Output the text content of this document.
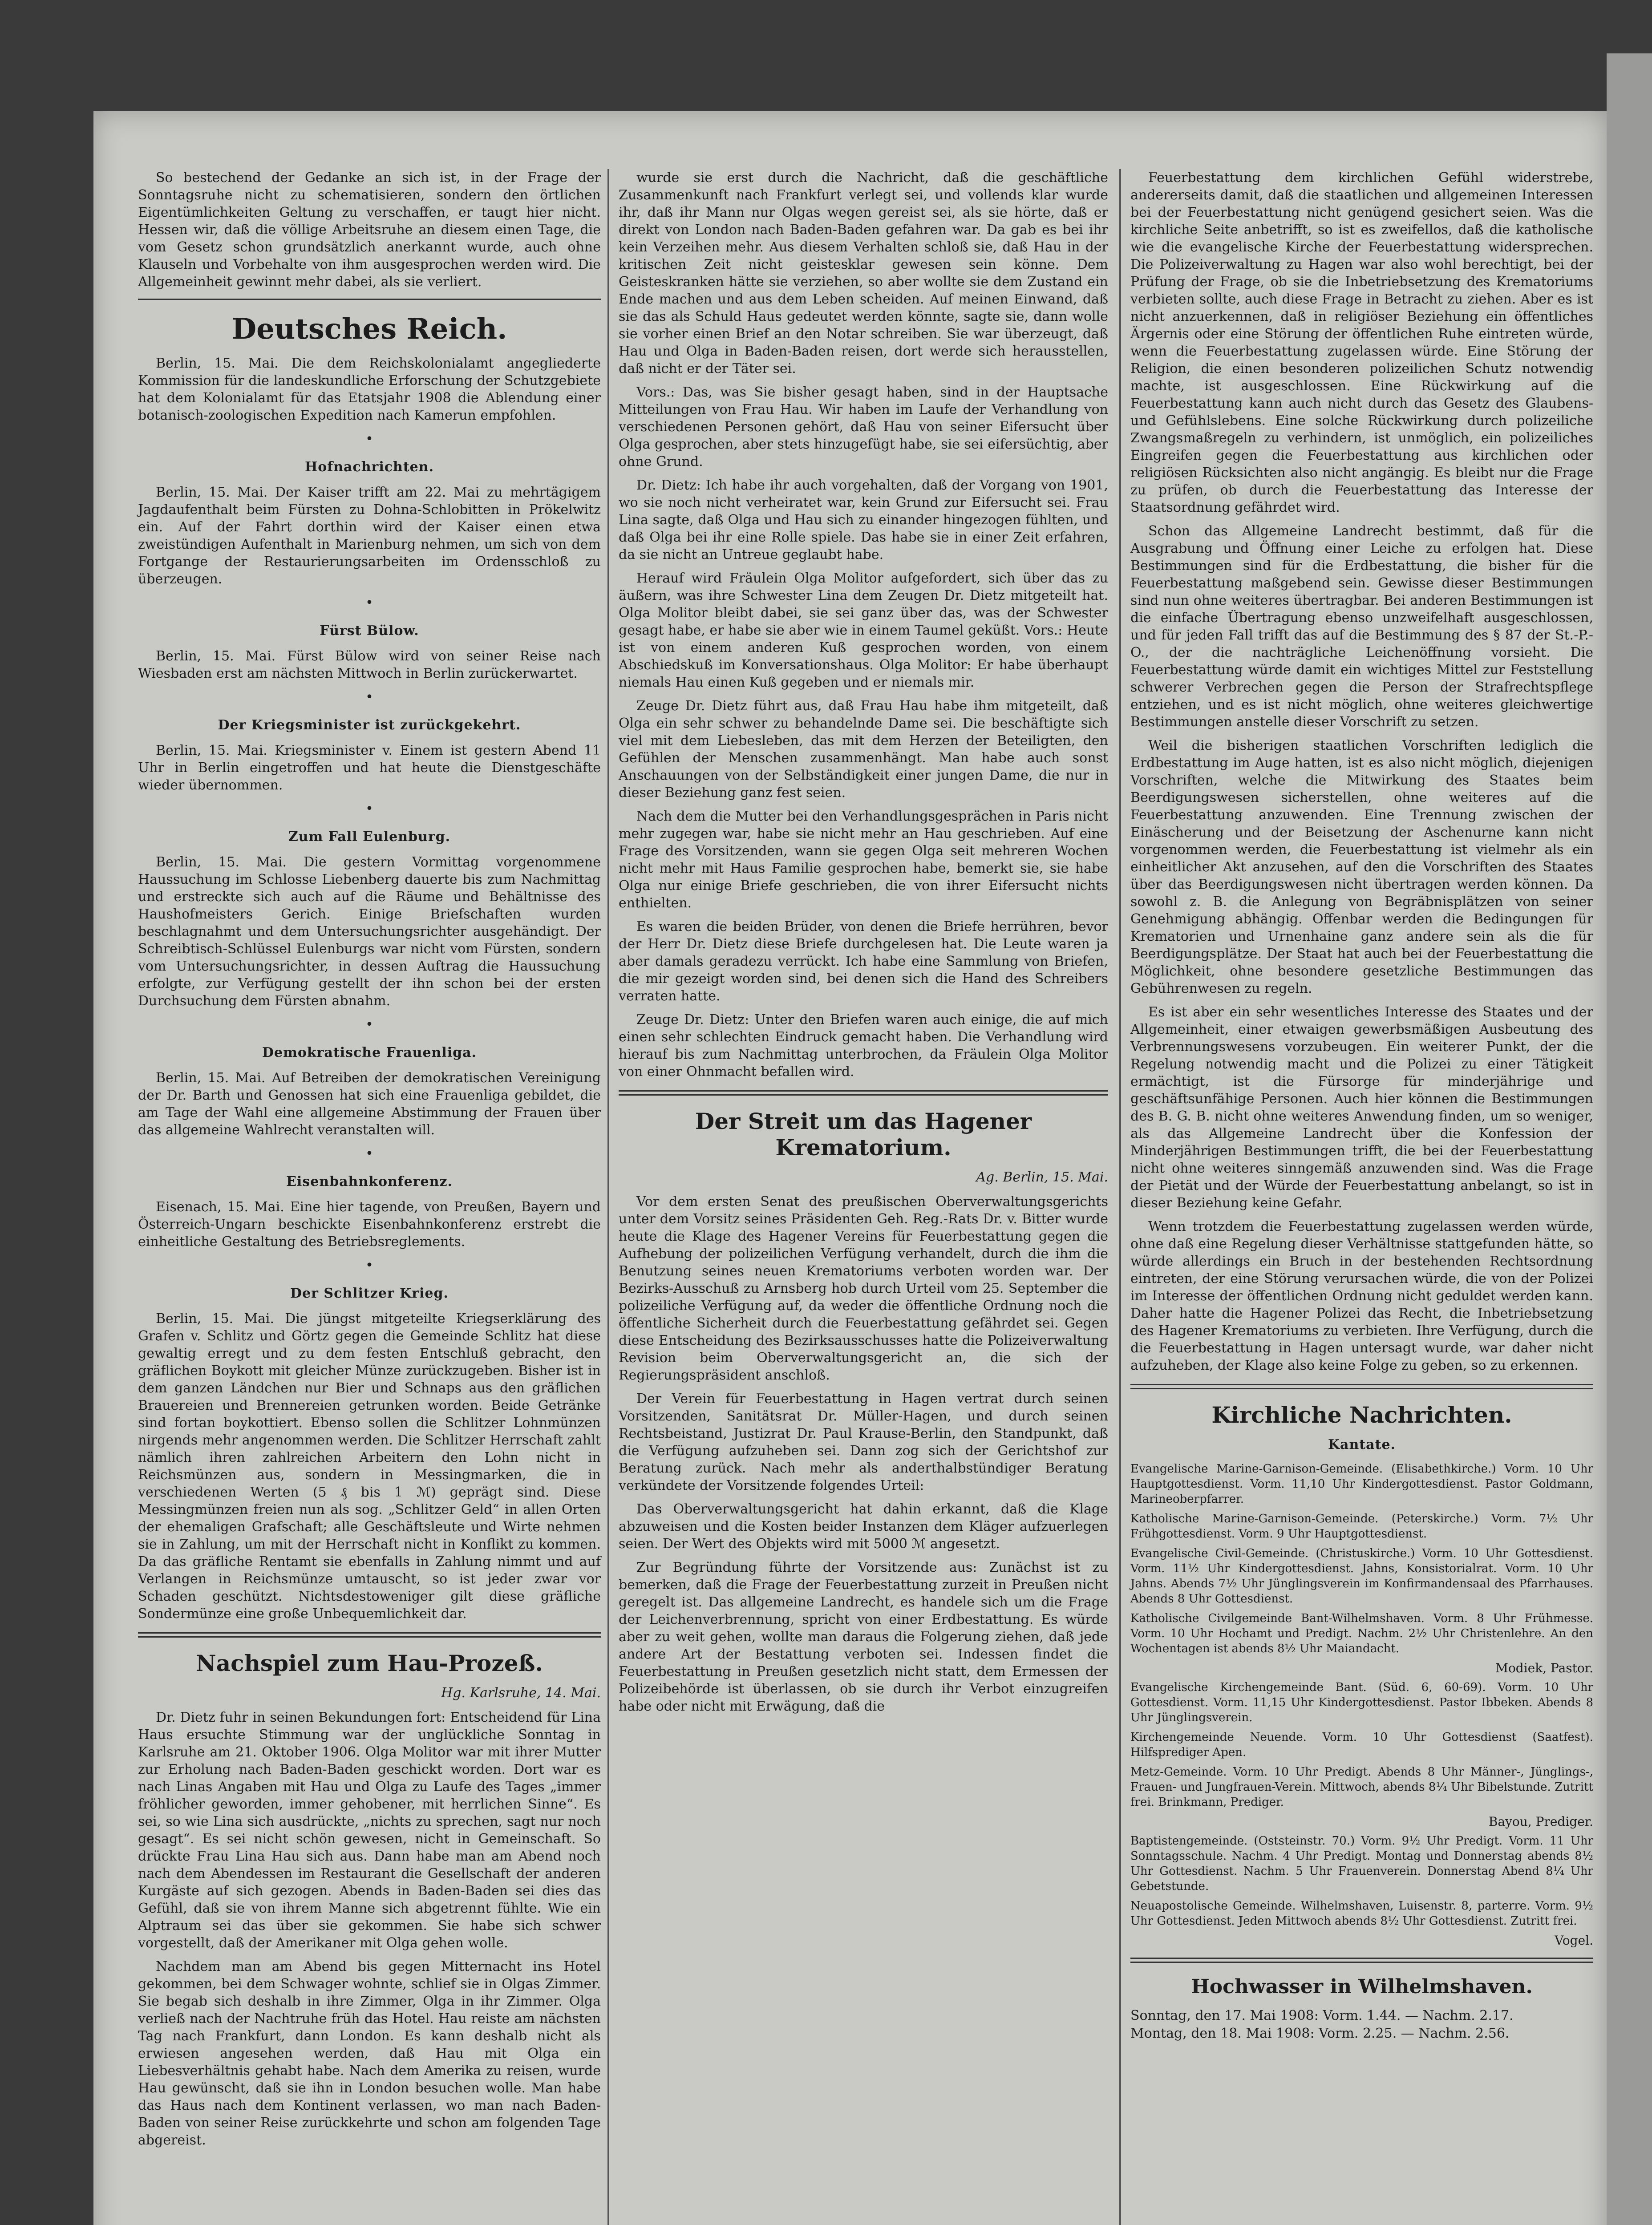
So bestechend der Gedanke an sich ist, in der Frage der Sonntagsruhe nicht zu schematisieren, sondern den örtlichen Eigentümlichkeiten Geltung zu verschaffen, er taugt hier nicht. Hessen wir, daß die völlige Arbeitsruhe an diesem einen Tage, die vom Gesetz schon grundsätzlich anerkannt wurde, auch ohne Klauseln und Vorbehalte von ihm ausgesprochen werden wird. Die Allgemeinheit gewinnt mehr dabei, als sie verliert.

Deutsches Reich.

Berlin, 15. Mai. Die dem Reichskolonialamt angegliederte Kommission für die landeskundliche Erforschung der Schutzgebiete hat dem Kolonialamt für das Etatsjahr 1908 die Ablendung einer botanisch-zoologischen Expedition nach Kamerun empfohlen.

•
Hofnachrichten.

Berlin, 15. Mai. Der Kaiser trifft am 22. Mai zu mehrtägigem Jagdaufenthalt beim Fürsten zu Dohna-Schlobitten in Prökelwitz ein. Auf der Fahrt dorthin wird der Kaiser einen etwa zweistündigen Aufenthalt in Marienburg nehmen, um sich von dem Fortgange der Restaurierungsarbeiten im Ordensschloß zu überzeugen.

•
Fürst Bülow.

Berlin, 15. Mai. Fürst Bülow wird von seiner Reise nach Wiesbaden erst am nächsten Mittwoch in Berlin zurückerwartet.

•
Der Kriegsminister ist zurückgekehrt.

Berlin, 15. Mai. Kriegsminister v. Einem ist gestern Abend 11 Uhr in Berlin eingetroffen und hat heute die Dienstgeschäfte wieder übernommen.

•
Zum Fall Eulenburg.

Berlin, 15. Mai. Die gestern Vormittag vorgenommene Haussuchung im Schlosse Liebenberg dauerte bis zum Nachmittag und erstreckte sich auch auf die Räume und Behältnisse des Haushofmeisters Gerich. Einige Briefschaften wurden beschlagnahmt und dem Untersuchungsrichter ausgehändigt. Der Schreibtisch-Schlüssel Eulenburgs war nicht vom Fürsten, sondern vom Untersuchungsrichter, in dessen Auftrag die Haussuchung erfolgte, zur Verfügung gestellt der ihn schon bei der ersten Durchsuchung dem Fürsten abnahm.

•
Demokratische Frauenliga.

Berlin, 15. Mai. Auf Betreiben der demokratischen Vereinigung der Dr. Barth und Genossen hat sich eine Frauenliga gebildet, die am Tage der Wahl eine allgemeine Abstimmung der Frauen über das allgemeine Wahlrecht veranstalten will.

•
Eisenbahnkonferenz.

Eisenach, 15. Mai. Eine hier tagende, von Preußen, Bayern und Österreich-Ungarn beschickte Eisenbahnkonferenz erstrebt die einheitliche Gestaltung des Betriebsreglements.

•
Der Schlitzer Krieg.

Berlin, 15. Mai. Die jüngst mitgeteilte Kriegserklärung des Grafen v. Schlitz und Görtz gegen die Gemeinde Schlitz hat diese gewaltig erregt und zu dem festen Entschluß gebracht, den gräflichen Boykott mit gleicher Münze zurückzugeben. Bisher ist in dem ganzen Ländchen nur Bier und Schnaps aus den gräflichen Brauereien und Brennereien getrunken worden. Beide Getränke sind fortan boykottiert. Ebenso sollen die Schlitzer Lohnmünzen nirgends mehr angenommen werden. Die Schlitzer Herrschaft zahlt nämlich ihren zahlreichen Arbeitern den Lohn nicht in Reichsmünzen aus, sondern in Messingmarken, die in verschiedenen Werten (5 ₰ bis 1 ℳ) geprägt sind. Diese Messingmünzen freien nun als sog. „Schlitzer Geld“ in allen Orten der ehemaligen Grafschaft; alle Geschäftsleute und Wirte nehmen sie in Zahlung, um mit der Herrschaft nicht in Konflikt zu kommen. Da das gräfliche Rentamt sie ebenfalls in Zahlung nimmt und auf Verlangen in Reichsmünze umtauscht, so ist jeder zwar vor Schaden geschützt. Nichtsdestoweniger gilt diese gräfliche Sondermünze eine große Unbequemlichkeit dar.

Nachspiel zum Hau-Prozeß.
Hg. Karlsruhe, 14. Mai.

Dr. Dietz fuhr in seinen Bekundungen fort: Entscheidend für Lina Haus ersuchte Stimmung war der unglückliche Sonntag in Karlsruhe am 21. Oktober 1906. Olga Molitor war mit ihrer Mutter zur Erholung nach Baden-Baden geschickt worden. Dort war es nach Linas Angaben mit Hau und Olga zu Laufe des Tages „immer fröhlicher geworden, immer gehobener, mit herrlichen Sinne“. Es sei, so wie Lina sich ausdrückte, „nichts zu sprechen, sagt nur noch gesagt“. Es sei nicht schön gewesen, nicht in Gemeinschaft. So drückte Frau Lina Hau sich aus. Dann habe man am Abend noch nach dem Abendessen im Restaurant die Gesellschaft der anderen Kurgäste auf sich gezogen. Abends in Baden-Baden sei dies das Gefühl, daß sie von ihrem Manne sich abgetrennt fühlte. Wie ein Alptraum sei das über sie gekommen. Sie habe sich schwer vorgestellt, daß der Amerikaner mit Olga gehen wolle.

Nachdem man am Abend bis gegen Mitternacht ins Hotel gekommen, bei dem Schwager wohnte, schlief sie in Olgas Zimmer. Sie begab sich deshalb in ihre Zimmer, Olga in ihr Zimmer. Olga verließ nach der Nachtruhe früh das Hotel. Hau reiste am nächsten Tag nach Frankfurt, dann London. Es kann deshalb nicht als erwiesen angesehen werden, daß Hau mit Olga ein Liebesverhältnis gehabt habe. Nach dem Amerika zu reisen, wurde Hau gewünscht, daß sie ihn in London besuchen wolle. Man habe das Haus nach dem Kontinent verlassen, wo man nach Baden-Baden von seiner Reise zurückkehrte und schon am folgenden Tage abgereist.

wurde sie erst durch die Nachricht, daß die geschäftliche Zusammenkunft nach Frankfurt verlegt sei, und vollends klar wurde ihr, daß ihr Mann nur Olgas wegen gereist sei, als sie hörte, daß er direkt von London nach Baden-Baden gefahren war. Da gab es bei ihr kein Verzeihen mehr. Aus diesem Verhalten schloß sie, daß Hau in der kritischen Zeit nicht geistesklar gewesen sein könne. Dem Geisteskranken hätte sie verziehen, so aber wollte sie dem Zustand ein Ende machen und aus dem Leben scheiden. Auf meinen Einwand, daß sie das als Schuld Haus gedeutet werden könnte, sagte sie, dann wolle sie vorher einen Brief an den Notar schreiben. Sie war überzeugt, daß Hau und Olga in Baden-Baden reisen, dort werde sich herausstellen, daß nicht er der Täter sei.

Vors.: Das, was Sie bisher gesagt haben, sind in der Hauptsache Mitteilungen von Frau Hau. Wir haben im Laufe der Verhandlung von verschiedenen Personen gehört, daß Hau von seiner Eifersucht über Olga gesprochen, aber stets hinzugefügt habe, sie sei eifersüchtig, aber ohne Grund.

Dr. Dietz: Ich habe ihr auch vorgehalten, daß der Vorgang von 1901, wo sie noch nicht verheiratet war, kein Grund zur Eifersucht sei. Frau Lina sagte, daß Olga und Hau sich zu einander hingezogen fühlten, und daß Olga bei ihr eine Rolle spiele. Das habe sie in einer Zeit erfahren, da sie nicht an Untreue geglaubt habe.

Herauf wird Fräulein Olga Molitor aufgefordert, sich über das zu äußern, was ihre Schwester Lina dem Zeugen Dr. Dietz mitgeteilt hat. Olga Molitor bleibt dabei, sie sei ganz über das, was der Schwester gesagt habe, er habe sie aber wie in einem Taumel geküßt. Vors.: Heute ist von einem anderen Kuß gesprochen worden, von einem Abschiedskuß im Konversationshaus. Olga Molitor: Er habe überhaupt niemals Hau einen Kuß gegeben und er niemals mir.

Zeuge Dr. Dietz führt aus, daß Frau Hau habe ihm mitgeteilt, daß Olga ein sehr schwer zu behandelnde Dame sei. Die beschäftigte sich viel mit dem Liebesleben, das mit dem Herzen der Beteiligten, den Gefühlen der Menschen zusammenhängt. Man habe auch sonst Anschauungen von der Selbständigkeit einer jungen Dame, die nur in dieser Beziehung ganz fest seien.

Nach dem die Mutter bei den Verhandlungsgesprächen in Paris nicht mehr zugegen war, habe sie nicht mehr an Hau geschrieben. Auf eine Frage des Vorsitzenden, wann sie gegen Olga seit mehreren Wochen nicht mehr mit Haus Familie gesprochen habe, bemerkt sie, sie habe Olga nur einige Briefe geschrieben, die von ihrer Eifersucht nichts enthielten.

Es waren die beiden Brüder, von denen die Briefe herrühren, bevor der Herr Dr. Dietz diese Briefe durchgelesen hat. Die Leute waren ja aber damals geradezu verrückt. Ich habe eine Sammlung von Briefen, die mir gezeigt worden sind, bei denen sich die Hand des Schreibers verraten hatte.

Zeuge Dr. Dietz: Unter den Briefen waren auch einige, die auf mich einen sehr schlechten Eindruck gemacht haben. Die Verhandlung wird hierauf bis zum Nachmittag unterbrochen, da Fräulein Olga Molitor von einer Ohnmacht befallen wird.

Der Streit um das Hagener Krematorium.
Ag. Berlin, 15. Mai.

Vor dem ersten Senat des preußischen Oberverwaltungsgerichts unter dem Vorsitz seines Präsidenten Geh. Reg.-Rats Dr. v. Bitter wurde heute die Klage des Hagener Vereins für Feuerbestattung gegen die Aufhebung der polizeilichen Verfügung verhandelt, durch die ihm die Benutzung seines neuen Krematoriums verboten worden war. Der Bezirks-Ausschuß zu Arnsberg hob durch Urteil vom 25. September die polizeiliche Verfügung auf, da weder die öffentliche Ordnung noch die öffentliche Sicherheit durch die Feuerbestattung gefährdet sei. Gegen diese Entscheidung des Bezirksausschusses hatte die Polizeiverwaltung Revision beim Oberverwaltungsgericht an, die sich der Regierungspräsident anschloß.

Der Verein für Feuerbestattung in Hagen vertrat durch seinen Vorsitzenden, Sanitätsrat Dr. Müller-Hagen, und durch seinen Rechtsbeistand, Justizrat Dr. Paul Krause-Berlin, den Standpunkt, daß die Verfügung aufzuheben sei. Dann zog sich der Gerichtshof zur Beratung zurück. Nach mehr als anderthalbstündiger Beratung verkündete der Vorsitzende folgendes Urteil:

Das Oberverwaltungsgericht hat dahin erkannt, daß die Klage abzuweisen und die Kosten beider Instanzen dem Kläger aufzuerlegen seien. Der Wert des Objekts wird mit 5000 ℳ angesetzt.

Zur Begründung führte der Vorsitzende aus: Zunächst ist zu bemerken, daß die Frage der Feuerbestattung zurzeit in Preußen nicht geregelt ist. Das allgemeine Landrecht, es handele sich um die Frage der Leichenverbrennung, spricht von einer Erdbestattung. Es würde aber zu weit gehen, wollte man daraus die Folgerung ziehen, daß jede andere Art der Bestattung verboten sei. Indessen findet die Feuerbestattung in Preußen gesetzlich nicht statt, dem Ermessen der Polizeibehörde ist überlassen, ob sie durch ihr Verbot einzugreifen habe oder nicht mit Erwägung, daß die

Feuerbestattung dem kirchlichen Gefühl widerstrebe, andererseits damit, daß die staatlichen und allgemeinen Interessen bei der Feuerbestattung nicht genügend gesichert seien. Was die kirchliche Seite anbetrifft, so ist es zweifellos, daß die katholische wie die evangelische Kirche der Feuerbestattung widersprechen. Die Polizeiverwaltung zu Hagen war also wohl berechtigt, bei der Prüfung der Frage, ob sie die Inbetriebsetzung des Krematoriums verbieten sollte, auch diese Frage in Betracht zu ziehen. Aber es ist nicht anzuerkennen, daß in religiöser Beziehung ein öffentliches Ärgernis oder eine Störung der öffentlichen Ruhe eintreten würde, wenn die Feuerbestattung zugelassen würde. Eine Störung der Religion, die einen besonderen polizeilichen Schutz notwendig machte, ist ausgeschlossen. Eine Rückwirkung auf die Feuerbestattung kann auch nicht durch das Gesetz des Glaubens- und Gefühlslebens. Eine solche Rückwirkung durch polizeiliche Zwangsmaßregeln zu verhindern, ist unmöglich, ein polizeiliches Eingreifen gegen die Feuerbestattung aus kirchlichen oder religiösen Rücksichten also nicht angängig. Es bleibt nur die Frage zu prüfen, ob durch die Feuerbestattung das Interesse der Staatsordnung gefährdet wird.

Schon das Allgemeine Landrecht bestimmt, daß für die Ausgrabung und Öffnung einer Leiche zu erfolgen hat. Diese Bestimmungen sind für die Erdbestattung, die bisher für die Feuerbestattung maßgebend sein. Gewisse dieser Bestimmungen sind nun ohne weiteres übertragbar. Bei anderen Bestimmungen ist die einfache Übertragung ebenso unzweifelhaft ausgeschlossen, und für jeden Fall trifft das auf die Bestimmung des § 87 der St.-P.-O., der die nachträgliche Leichenöffnung vorsieht. Die Feuerbestattung würde damit ein wichtiges Mittel zur Feststellung schwerer Verbrechen gegen die Person der Strafrechtspflege entziehen, und es ist nicht möglich, ohne weiteres gleichwertige Bestimmungen anstelle dieser Vorschrift zu setzen.

Weil die bisherigen staatlichen Vorschriften lediglich die Erdbestattung im Auge hatten, ist es also nicht möglich, diejenigen Vorschriften, welche die Mitwirkung des Staates beim Beerdigungswesen sicherstellen, ohne weiteres auf die Feuerbestattung anzuwenden. Eine Trennung zwischen der Einäscherung und der Beisetzung der Aschenurne kann nicht vorgenommen werden, die Feuerbestattung ist vielmehr als ein einheitlicher Akt anzusehen, auf den die Vorschriften des Staates über das Beerdigungswesen nicht übertragen werden können. Da sowohl z. B. die Anlegung von Begräbnisplätzen von seiner Genehmigung abhängig. Offenbar werden die Bedingungen für Krematorien und Urnenhaine ganz andere sein als die für Beerdigungsplätze. Der Staat hat auch bei der Feuerbestattung die Möglichkeit, ohne besondere gesetzliche Bestimmungen das Gebührenwesen zu regeln.

Es ist aber ein sehr wesentliches Interesse des Staates und der Allgemeinheit, einer etwaigen gewerbsmäßigen Ausbeutung des Verbrennungswesens vorzubeugen. Ein weiterer Punkt, der die Regelung notwendig macht und die Polizei zu einer Tätigkeit ermächtigt, ist die Fürsorge für minderjährige und geschäftsunfähige Personen. Auch hier können die Bestimmungen des B. G. B. nicht ohne weiteres Anwendung finden, um so weniger, als das Allgemeine Landrecht über die Konfession der Minderjährigen Bestimmungen trifft, die bei der Feuerbestattung nicht ohne weiteres sinngemäß anzuwenden sind. Was die Frage der Pietät und der Würde der Feuerbestattung anbelangt, so ist in dieser Beziehung keine Gefahr.

Wenn trotzdem die Feuerbestattung zugelassen werden würde, ohne daß eine Regelung dieser Verhältnisse stattgefunden hätte, so würde allerdings ein Bruch in der bestehenden Rechtsordnung eintreten, der eine Störung verursachen würde, die von der Polizei im Interesse der öffentlichen Ordnung nicht geduldet werden kann. Daher hatte die Hagener Polizei das Recht, die Inbetriebsetzung des Hagener Krematoriums zu verbieten. Ihre Verfügung, durch die die Feuerbestattung in Hagen untersagt wurde, war daher nicht aufzuheben, der Klage also keine Folge zu geben, so zu erkennen.

Kirchliche Nachrichten.
Kantate.

Evangelische Marine-Garnison-Gemeinde. (Elisabethkirche.) Vorm. 10 Uhr Hauptgottesdienst. Vorm. 11,10 Uhr Kindergottesdienst. Pastor Goldmann, Marineoberpfarrer.

Katholische Marine-Garnison-Gemeinde. (Peterskirche.) Vorm. 7½ Uhr Frühgottesdienst. Vorm. 9 Uhr Hauptgottesdienst.

Evangelische Civil-Gemeinde. (Christuskirche.) Vorm. 10 Uhr Gottesdienst. Vorm. 11½ Uhr Kindergottesdienst. Jahns, Konsistorialrat. Vorm. 10 Uhr Jahns. Abends 7½ Uhr Jünglingsverein im Konfirmandensaal des Pfarrhauses. Abends 8 Uhr Gottesdienst.

Katholische Civilgemeinde Bant-Wilhelmshaven. Vorm. 8 Uhr Frühmesse. Vorm. 10 Uhr Hochamt und Predigt. Nachm. 2½ Uhr Christenlehre. An den Wochentagen ist abends 8½ Uhr Maiandacht.

Modiek, Pastor.

Evangelische Kirchengemeinde Bant. (Süd. 6, 60-69). Vorm. 10 Uhr Gottesdienst. Vorm. 11,15 Uhr Kindergottesdienst. Pastor Ibbeken. Abends 8 Uhr Jünglingsverein.

Kirchengemeinde Neuende. Vorm. 10 Uhr Gottesdienst (Saatfest). Hilfsprediger Apen.

Metz-Gemeinde. Vorm. 10 Uhr Predigt. Abends 8 Uhr Männer-, Jünglings-, Frauen- und Jungfrauen-Verein. Mittwoch, abends 8¼ Uhr Bibelstunde. Zutritt frei. Brinkmann, Prediger.

Bayou, Prediger.

Baptistengemeinde. (Oststeinstr. 70.) Vorm. 9½ Uhr Predigt. Vorm. 11 Uhr Sonntagsschule. Nachm. 4 Uhr Predigt. Montag und Donnerstag abends 8½ Uhr Gottesdienst. Nachm. 5 Uhr Frauenverein. Donnerstag Abend 8¼ Uhr Gebetstunde.

Neuapostolische Gemeinde. Wilhelmshaven, Luisenstr. 8, parterre. Vorm. 9½ Uhr Gottesdienst. Jeden Mittwoch abends 8½ Uhr Gottesdienst. Zutritt frei.

Vogel.
Hochwasser in Wilhelmshaven.

Sonntag, den 17. Mai 1908: Vorm. 1.44. — Nachm. 2.17.

Montag, den 18. Mai 1908: Vorm. 2.25. — Nachm. 2.56.
